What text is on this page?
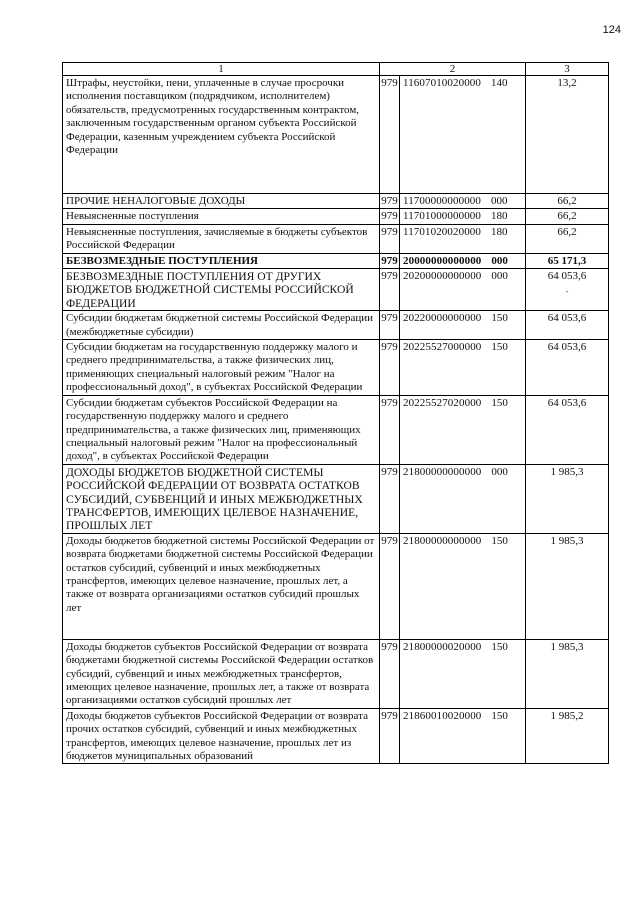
124
1	2		3
Штрафы, неустойки, пени, уплаченные в случае просрочки исполнения поставщиком (подрядчиком, исполнителем) обязательств, предусмотренных государственным контрактом, заключенным государственным органом субъекта Российской Федерации, казенным учреждением субъекта Российской Федерации	979	11607010020000 140	13,2
ПРОЧИЕ НЕНАЛОГОВЫЕ ДОХОДЫ	979	11700000000000 000	66,2
Невыясненные поступления	979	11701000000000 180	66,2
Невыясненные поступления, зачисляемые в бюджеты субъектов Российской Федерации	979	11701020020000 180	66,2
БЕЗВОЗМЕЗДНЫЕ ПОСТУПЛЕНИЯ	979	20000000000000 000	65 171,3
БЕЗВОЗМЕЗДНЫЕ ПОСТУПЛЕНИЯ ОТ ДРУГИХ БЮДЖЕТОВ БЮДЖЕТНОЙ СИСТЕМЫ РОССИЙСКОЙ ФЕДЕРАЦИИ	979	20200000000000 000	64 053,6
-

Субсидии бюджетам бюджетной системы Российской Федерации (межбюджетные субсидии)	979	20220000000000 150	64 053,6
Субсидии бюджетам на государственную поддержку малого и среднего предпринимательства, а также физических лиц, применяющих специальный налоговый режим "Налог на профессиональный доход", в субъектах Российской Федерации	979	20225527000000 150	64 053,6
Субсидии бюджетам субъектов Российской Федерации на государственную поддержку малого и среднего предпринимательства, а также физических лиц, применяющих специальный налоговый режим "Налог на профессиональный доход", в субъектах Российской Федерации	979	20225527020000 150	64 053,6
ДОХОДЫ БЮДЖЕТОВ БЮДЖЕТНОЙ СИСТЕМЫ РОССИЙСКОЙ ФЕДЕРАЦИИ ОТ ВОЗВРАТА ОСТАТКОВ СУБСИДИЙ, СУБВЕНЦИЙ И ИНЫХ МЕЖБЮДЖЕТНЫХ ТРАНСФЕРТОВ, ИМЕЮЩИХ ЦЕЛЕВОЕ НАЗНАЧЕНИЕ, ПРОШЛЫХ ЛЕТ	979	21800000000000 000	1 985,3
Доходы бюджетов бюджетной системы Российской Федерации от возврата бюджетами бюджетной системы Российской Федерации остатков субсидий, субвенций и иных межбюджетных трансфертов, имеющих целевое назначение, прошлых лет, а также от возврата организациями остатков субсидий прошлых лет	979	21800000000000 150	1 985,3
Доходы бюджетов субъектов Российской Федерации от возврата бюджетами бюджетной системы Российской Федерации остатков субсидий, субвенций и иных межбюджетных трансфертов, имеющих целевое назначение, прошлых лет, а также от возврата организациями остатков субсидий прошлых лет	979	21800000020000 150	1 985,3
Доходы бюджетов субъектов Российской Федерации от возврата прочих остатков субсидий, субвенций и иных межбюджетных трансфертов, имеющих целевое назначение, прошлых лет из бюджетов муниципальных образований	979	21860010020000 150	1 985,2
